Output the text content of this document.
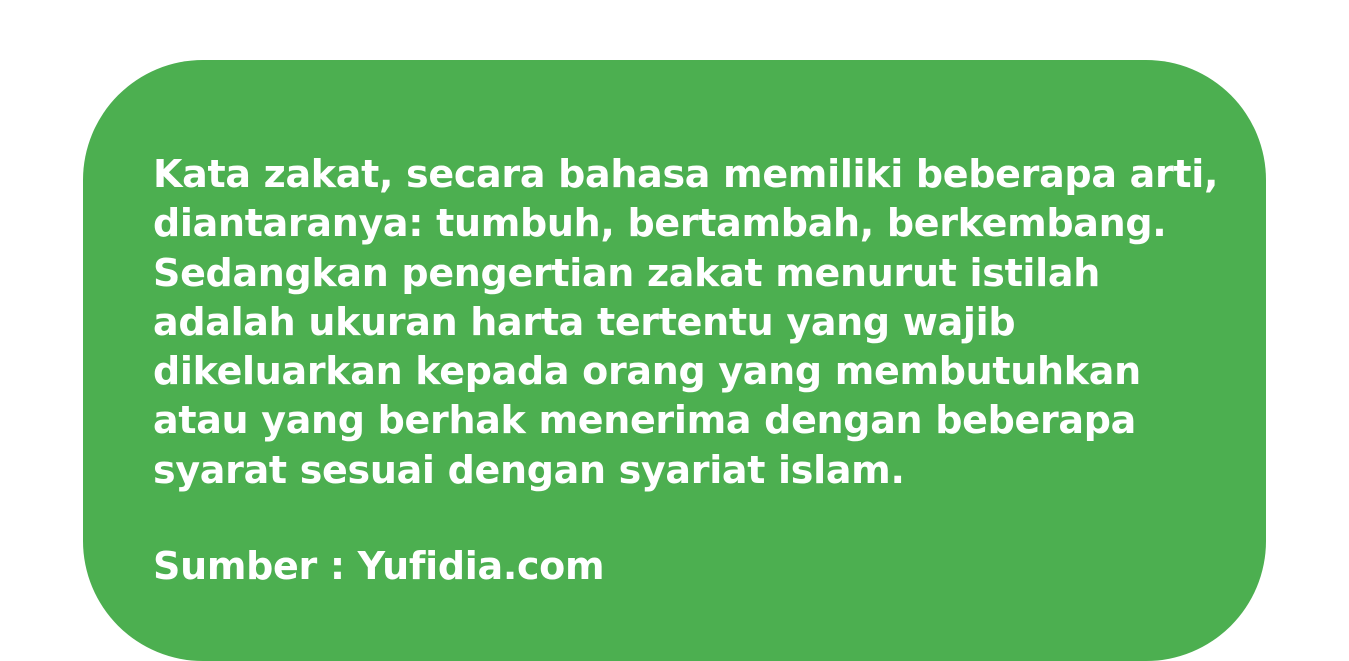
Kata zakat, secara bahasa memiliki beberapa arti,
diantaranya: tumbuh, bertambah, berkembang.
Sedangkan pengertian zakat menurut istilah
adalah ukuran harta tertentu yang wajib
dikeluarkan kepada orang yang membutuhkan
atau yang berhak menerima dengan beberapa
syarat sesuai dengan syariat islam.

Sumber : Yufidia.com
